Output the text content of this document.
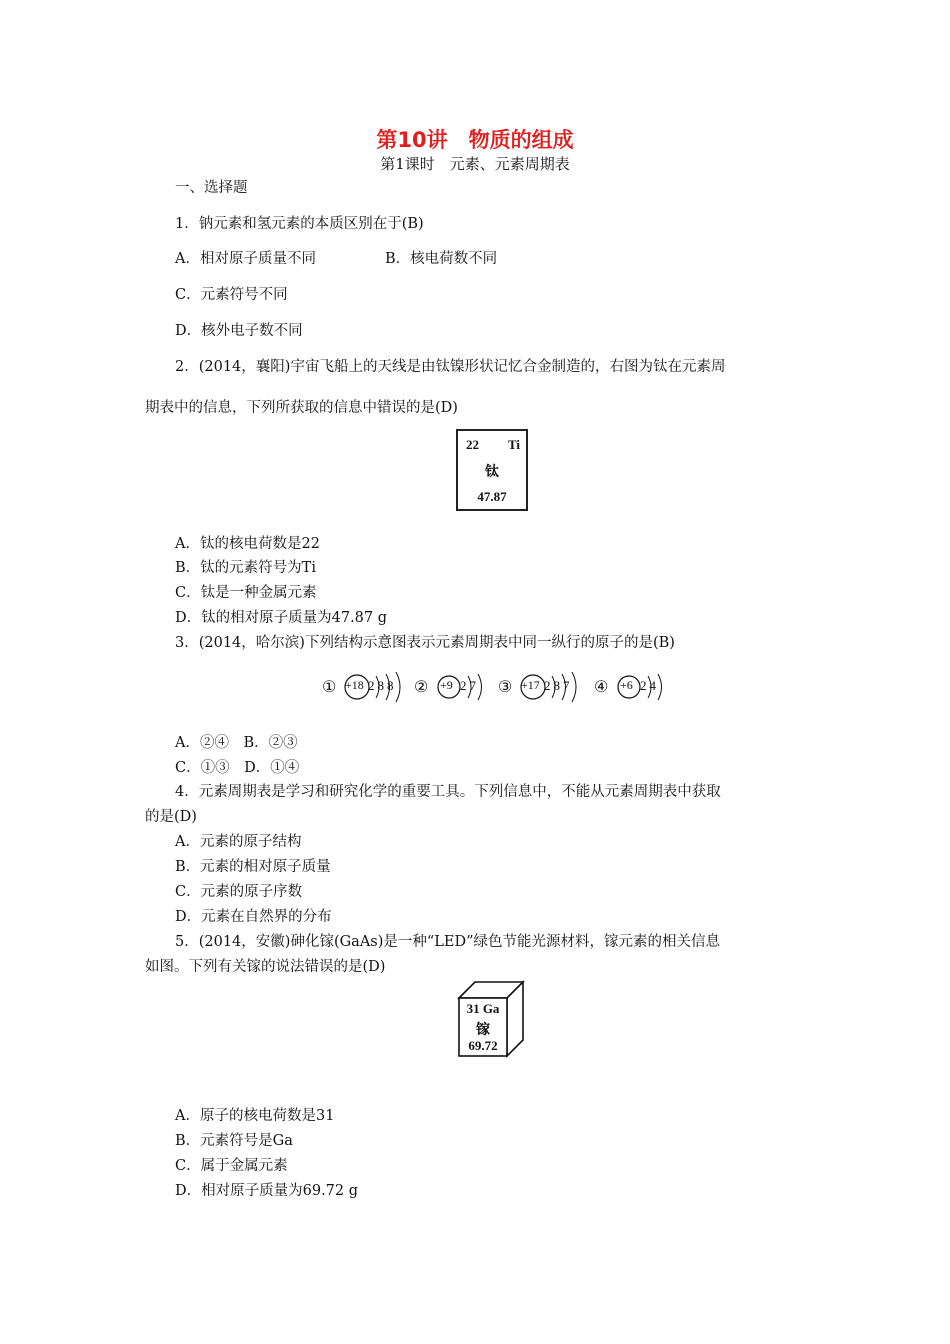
第10讲　物质的组成
第1课时　元素、元素周期表
一、选择题
1．钠元素和氢元素的本质区别在于(B)
A．相对原子质量不同	B．核电荷数不同
C．元素符号不同
D．核外电子数不同
2．(2014，襄阳)宇宙飞船上的天线是由钛镍形状记忆合金制造的，右图为钛在元素周
期表中的信息，下列所获取的信息中错误的是(D)
22 Ti
钛
47.87
A．钛的核电荷数是22
B．钛的元素符号为Ti
C．钛是一种金属元素
D．钛的相对原子质量为47.87 g
3．(2014，哈尔滨)下列结构示意图表示元素周期表中同一纵行的原子的是(B)
① +18 288 ② +9 27 ③ +17 287 ④ +6 24
A．②④　B．②③
C．①③　D．①④
4．元素周期表是学习和研究化学的重要工具。下列信息中，不能从元素周期表中获取
的是(D)
A．元素的原子结构
B．元素的相对原子质量
C．元素的原子序数
D．元素在自然界的分布
5．(2014，安徽)砷化镓(GaAs)是一种“LED”绿色节能光源材料，镓元素的相关信息
如图。下列有关镓的说法错误的是(D)
31 Ga
镓
69.72
A．原子的核电荷数是31
B．元素符号是Ga
C．属于金属元素
D．相对原子质量为69.72 g
